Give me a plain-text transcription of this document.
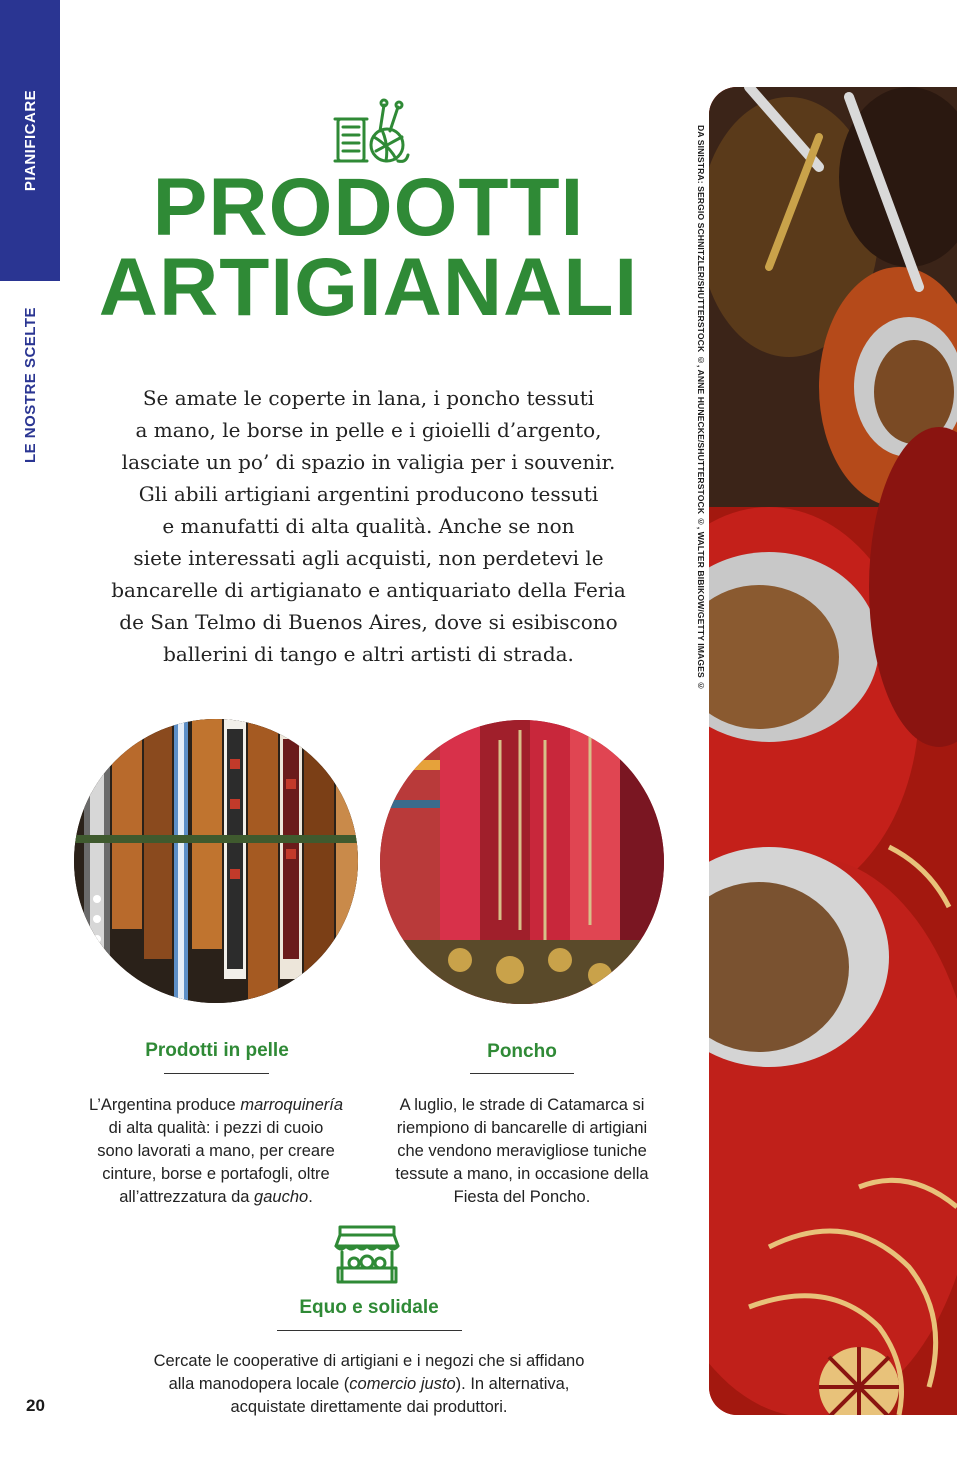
PIANIFICARE
LE NOSTRE SCELTE
20
PRODOTTI
ARTIGIANALI

Se amate le coperte in lana, i poncho tessuti
a mano, le borse in pelle e i gioielli d’argento,
lasciate un po’ di spazio in valigia per i souvenir.
Gli abili artigiani argentini producono tessuti
e manufatti di alta qualità. Anche se non
siete interessati agli acquisti, non perdetevi le
bancarelle di artigianato e antiquariato della Feria
de San Telmo di Buenos Aires, dove si esibiscono
ballerini di tango e altri artisti di strada.

Prodotti in pelle

L’Argentina produce marroquinería
di alta qualità: i pezzi di cuoio
sono lavorati a mano, per creare
cinture, borse e portafogli, oltre
all’attrezzatura da gaucho.

Poncho

A luglio, le strade di Catamarca si
riempiono di bancarelle di artigiani
che vendono meravigliose tuniche
tessute a mano, in occasione della
Fiesta del Poncho.

Equo e solidale

Cercate le cooperative di artigiani e i negozi che si affidano
alla manodopera locale (comercio justo). In alternativa,
acquistate direttamente dai produttori.

DA SINISTRA: SERGIO SCHNITZLER/SHUTTERSTOCK ©, ANNE HUNECKE/SHUTTERSTOCK ©, WALTER BIBIKOW/GETTY IMAGES ©
